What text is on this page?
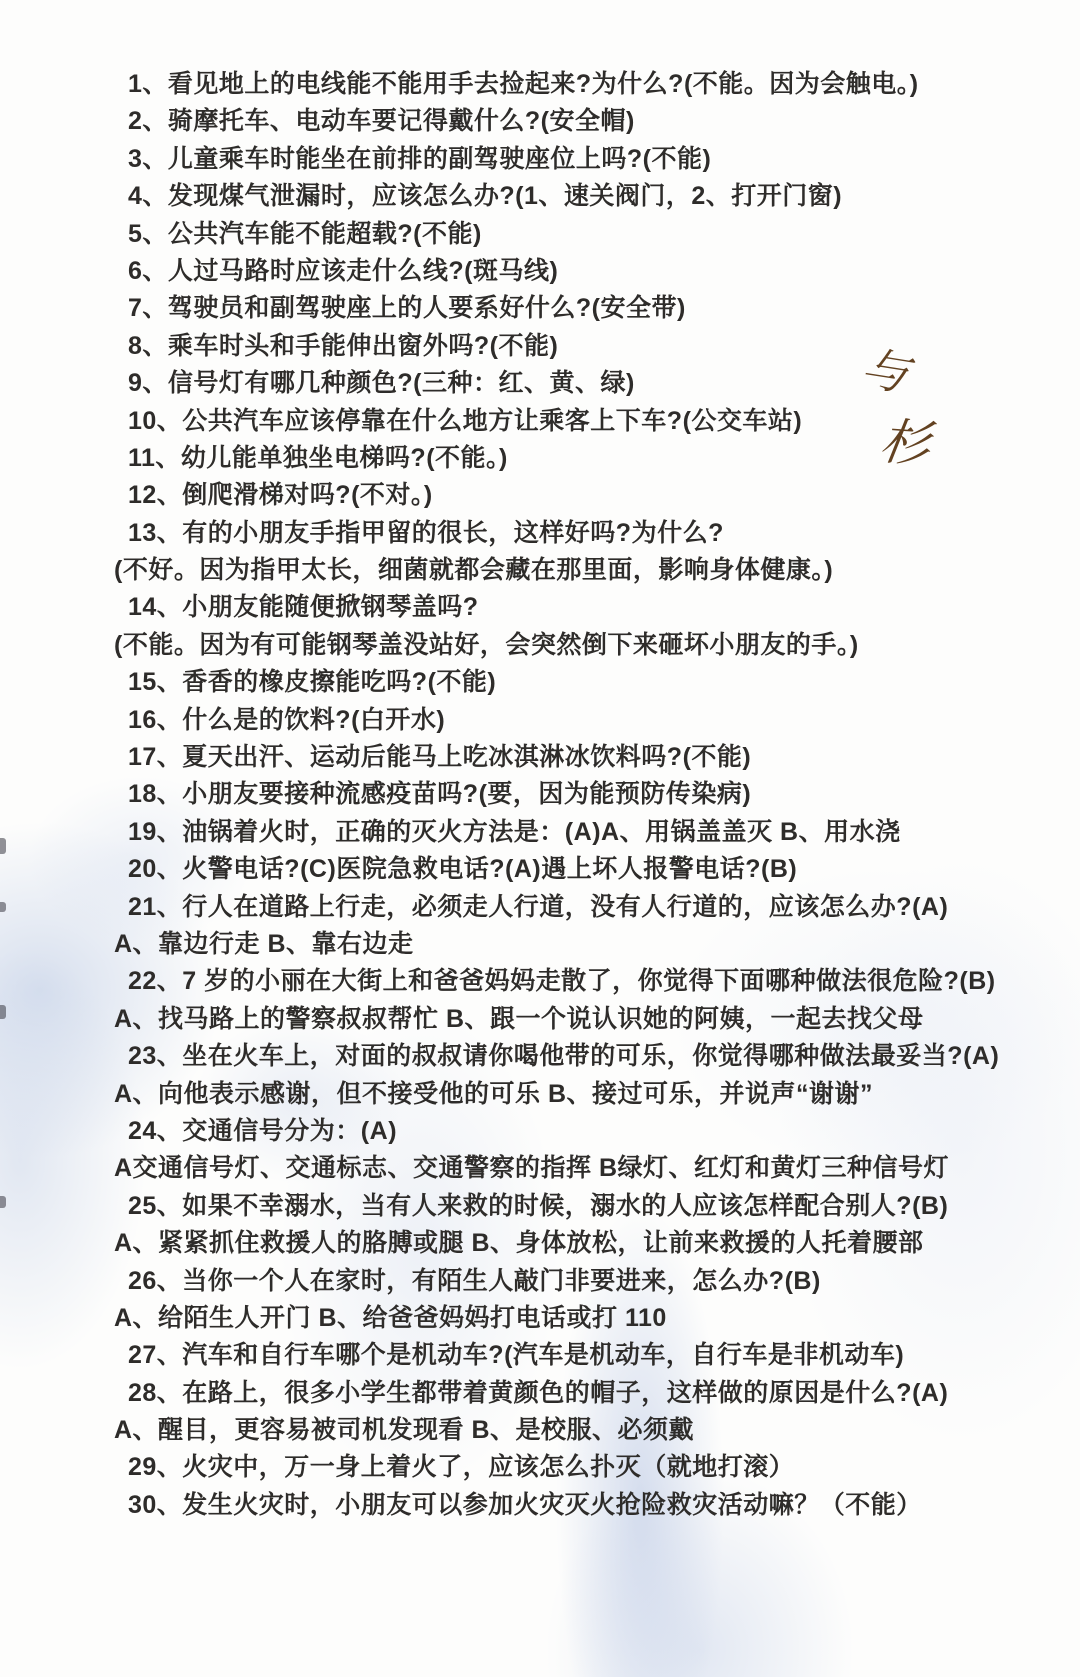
1、看见地上的电线能不能用手去捡起来?为什么?(不能。因为会触电。)
2、骑摩托车、电动车要记得戴什么?(安全帽)
3、儿童乘车时能坐在前排的副驾驶座位上吗?(不能)
4、发现煤气泄漏时，应该怎么办?(1、速关阀门，2、打开门窗)
5、公共汽车能不能超载?(不能)
6、人过马路时应该走什么线?(斑马线)
7、驾驶员和副驾驶座上的人要系好什么?(安全带)
8、乘车时头和手能伸出窗外吗?(不能)
9、信号灯有哪几种颜色?(三种：红、黄、绿)
10、公共汽车应该停靠在什么地方让乘客上下车?(公交车站)
11、幼儿能单独坐电梯吗?(不能。)
12、倒爬滑梯对吗?(不对。)
13、有的小朋友手指甲留的很长，这样好吗?为什么?
(不好。因为指甲太长，细菌就都会藏在那里面，影响身体健康。)
14、小朋友能随便掀钢琴盖吗?
(不能。因为有可能钢琴盖没站好，会突然倒下来砸坏小朋友的手。)
15、香香的橡皮擦能吃吗?(不能)
16、什么是的饮料?(白开水)
17、夏天出汗、运动后能马上吃冰淇淋冰饮料吗?(不能)
18、小朋友要接种流感疫苗吗?(要，因为能预防传染病)
19、油锅着火时，正确的灭火方法是：(A)A、用锅盖盖灭 B、用水浇
20、火警电话?(C)医院急救电话?(A)遇上坏人报警电话?(B)
21、行人在道路上行走，必须走人行道，没有人行道的，应该怎么办?(A)
A、靠边行走 B、靠右边走
22、7 岁的小丽在大街上和爸爸妈妈走散了，你觉得下面哪种做法很危险?(B)
A、找马路上的警察叔叔帮忙 B、跟一个说认识她的阿姨，一起去找父母
23、坐在火车上，对面的叔叔请你喝他带的可乐，你觉得哪种做法最妥当?(A)
A、向他表示感谢，但不接受他的可乐 B、接过可乐，并说声“谢谢”
24、交通信号分为：(A)
A交通信号灯、交通标志、交通警察的指挥 B绿灯、红灯和黄灯三种信号灯
25、如果不幸溺水，当有人来救的时候，溺水的人应该怎样配合别人?(B)
A、紧紧抓住救援人的胳膊或腿 B、身体放松，让前来救援的人托着腰部
26、当你一个人在家时，有陌生人敲门非要进来，怎么办?(B)
A、给陌生人开门 B、给爸爸妈妈打电话或打 110
27、汽车和自行车哪个是机动车?(汽车是机动车，自行车是非机动车)
28、在路上，很多小学生都带着黄颜色的帽子，这样做的原因是什么?(A)
A、醒目，更容易被司机发现看 B、是校服、必须戴
29、火灾中，万一身上着火了，应该怎么扑灭（就地打滚）
30、发生火灾时，小朋友可以参加火灾灭火抢险救灾活动嘛？（不能）
与
杉
